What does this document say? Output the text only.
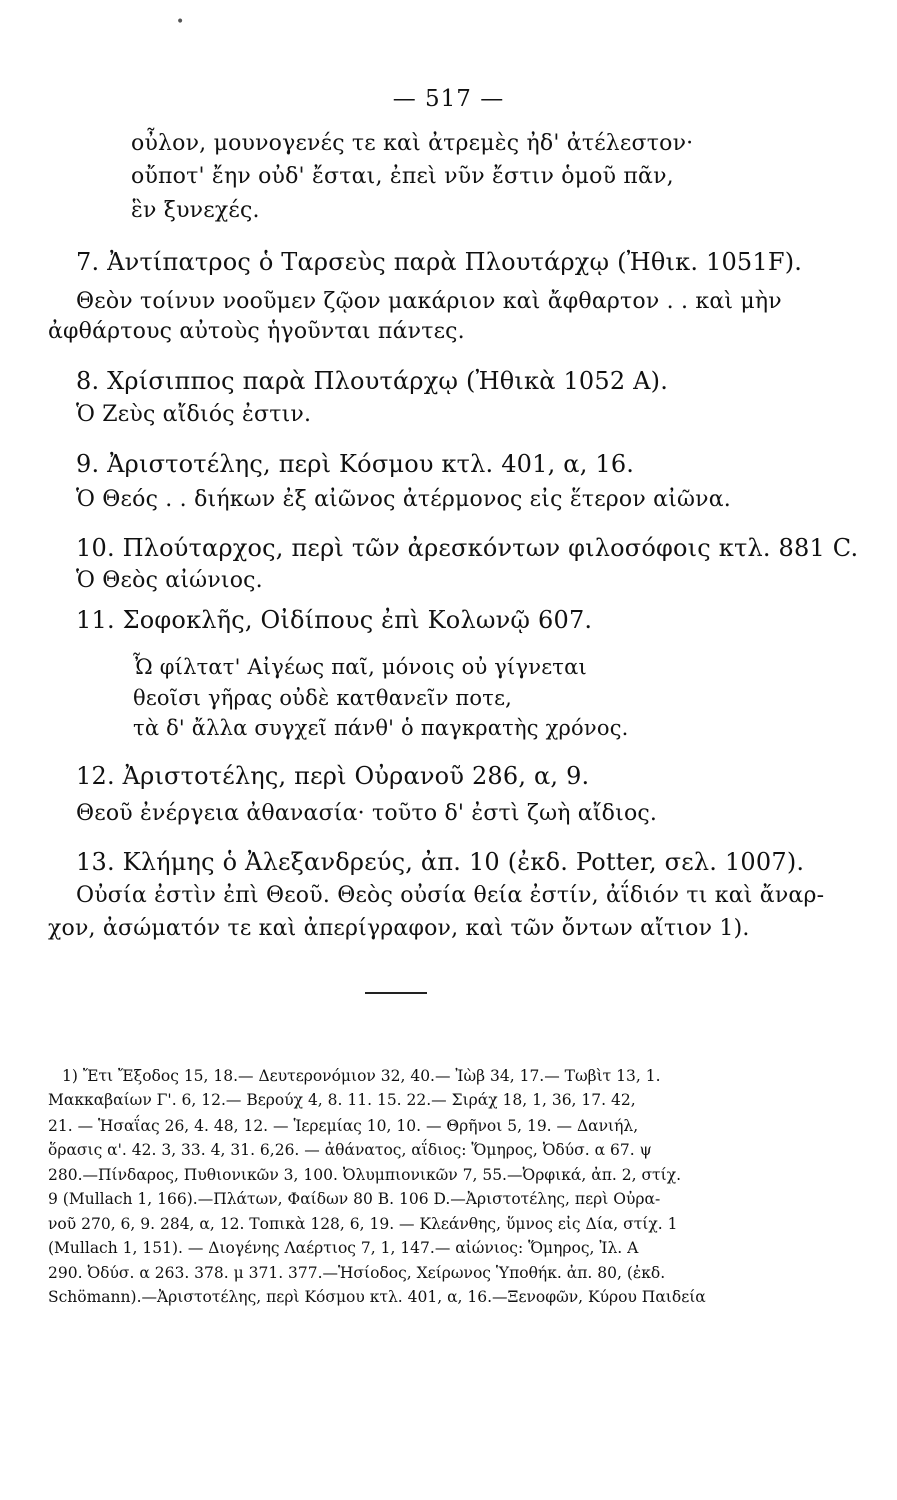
•
— 517 —
οὖλον, μουνογενές τε καὶ ἀτρεμὲς ἠδ' ἀτέλεστον·
οὔποτ' ἔην οὐδ' ἔσται, ἐπεὶ νῦν ἔστιν ὁμοῦ πᾶν,
ἓν ξυνεχές.
7. Ἀντίπατρος ὁ Ταρσεὺς παρὰ Πλουτάρχῳ (Ἠθικ. 1051F).
Θεὸν τοίνυν νοοῦμεν ζῷον μακάριον καὶ ἄφθαρτον . . καὶ μὴν
ἀφθάρτους αὐτοὺς ἡγοῦνται πάντες.
8. Χρίσιππος παρὰ Πλουτάρχῳ (Ἠθικὰ 1052 A).
Ὁ Ζεὺς αἴδιός ἐστιν.
9. Ἀριστοτέλης, περὶ Κόσμου κτλ. 401, α, 16.
Ὁ Θεός . . διήκων ἐξ αἰῶνος ἀτέρμονος εἰς ἕτερον αἰῶνα.
10. Πλούταρχος, περὶ τῶν ἀρεσκόντων φιλοσόφοις κτλ. 881 C.
Ὁ Θεὸς αἰώνιος.
11. Σοφοκλῆς, Οἰδίπους ἐπὶ Κολωνῷ 607.
Ὦ φίλτατ' Αἰγέως παῖ, μόνοις οὐ γίγνεται
θεοῖσι γῆρας οὐδὲ κατθανεῖν ποτε,
τὰ δ' ἄλλα συγχεῖ πάνθ' ὁ παγκρατὴς χρόνος.
12. Ἀριστοτέλης, περὶ Οὐρανοῦ 286, α, 9.
Θεοῦ ἐνέργεια ἀθανασία· τοῦτο δ' ἐστὶ ζωὴ αἴδιος.
13. Κλήμης ὁ Ἀλεξανδρεύς, ἀπ. 10 (ἐκδ. Potter, σελ. 1007).
Οὐσία ἐστὶν ἐπὶ Θεοῦ. Θεὸς οὐσία θεία ἐστίν, ἀΐδιόν τι καὶ ἄναρ-
χον, ἀσώματόν τε καὶ ἀπερίγραφον, καὶ τῶν ὄντων αἴτιον 1).
1) Ἔτι Ἔξοδος 15, 18.— Δευτερονόμιον 32, 40.— Ἰὼβ 34, 17.— Τωβὶτ 13, 1.
Μακκαβαίων Γ'. 6, 12.— Βερούχ 4, 8. 11. 15. 22.— Σιράχ 18, 1, 36, 17. 42,
21. — Ἡσαΐας 26, 4. 48, 12. — Ἱερεμίας 10, 10. — Θρῆνοι 5, 19. — Δανιήλ,
ὅρασις α'. 42. 3, 33. 4, 31. 6,26. — ἀθάνατος, αΐδιος: Ὅμηρος, Ὀδύσ. α 67. ψ
280.—Πίνδαρος, Πυθιονικῶν 3, 100. Ὀλυμπιονικῶν 7, 55.—Ὀρφικά, ἀπ. 2, στίχ.
9 (Mullach 1, 166).—Πλάτων, Φαίδων 80 B. 106 D.—Ἀριστοτέλης, περὶ Οὐρα-
νοῦ 270, 6, 9. 284, α, 12. Τοπικὰ 128, 6, 19. — Κλεάνθης, ὕμνος εἰς Δία, στίχ. 1
(Mullach 1, 151). — Διογένης Λαέρτιος 7, 1, 147.— αἰώνιος: Ὅμηρος, Ἰλ. A
290. Ὀδύσ. α 263. 378. μ 371. 377.—Ἡσίοδος, Χείρωνος Ὑποθήκ. ἀπ. 80, (ἐκδ.
Schömann).—Ἀριστοτέλης, περὶ Κόσμου κτλ. 401, α, 16.—Ξενοφῶν, Κύρου Παιδεία
